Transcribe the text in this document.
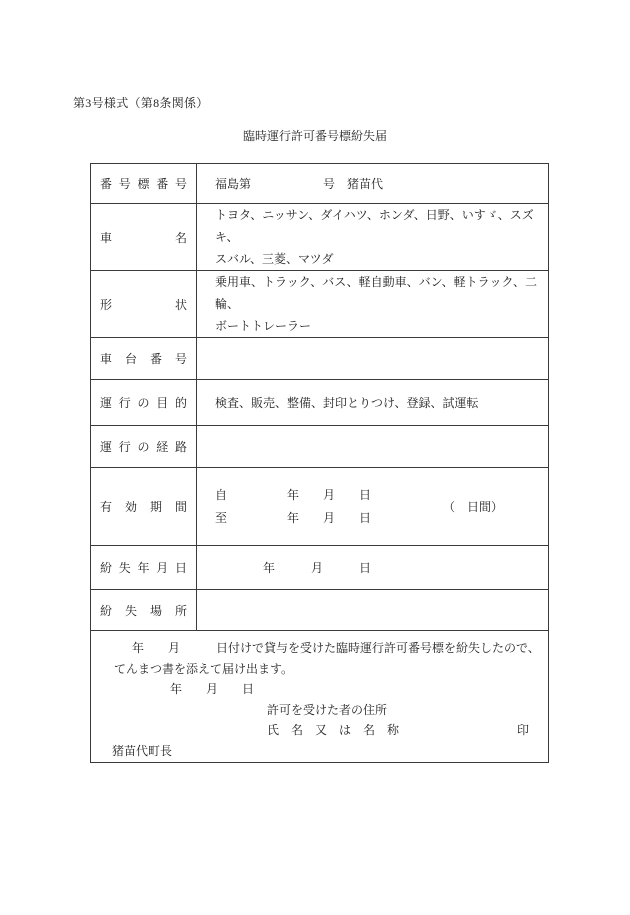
第3号様式（第8条関係）
臨時運行許可番号標紛失届
番 号 標 番 号	福島第　　　　　　号　猪苗代
車 名	トヨタ、ニッサン、ダイハツ、ホンダ、日野、いすゞ、スズキ、
スバル、三菱、マツダ

形 状	乗用車、トラック、バス、軽自動車、バン、軽トラック、二輪、
ボートトレーラー

車 台 番 号	
運 行 の 目 的	検査、販売、整備、封印とりつけ、登録、試運転
運 行 の 経 路	
有 効 期 間	自　　　　　年　　月　　日
至　　　　　年　　月　　日
（　日間）

紛 失 年 月 日	　　　　年　　　月　　　日
紛 失 場 所	

年　　月　　　日付けで貸与を受けた臨時運行許可番号標を紛失したので、
てんまつ書を添えて届け出ます。
年　　月　　日
許可を受けた者の住所
氏　名　又　は　名　称	印
猪苗代町長
